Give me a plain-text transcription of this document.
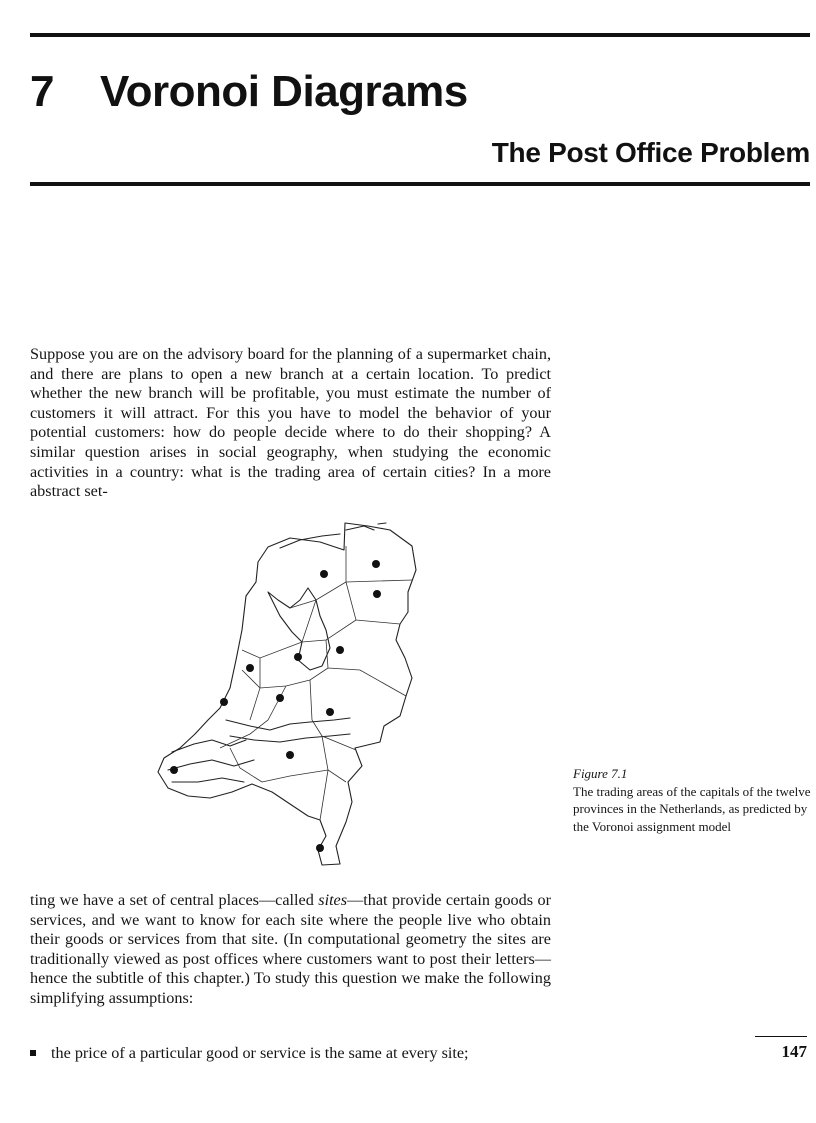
7 Voronoi Diagrams
The Post Office Problem

Suppose you are on the advisory board for the planning of a supermarket chain, and there are plans to open a new branch at a certain location. To predict whether the new branch will be profitable, you must estimate the number of customers it will attract. For this you have to model the behavior of your potential customers: how do people decide where to do their shopping? A similar question arises in social geography, when studying the economic activities in a country: what is the trading area of certain cities? In a more abstract set-

Figure 7.1
The trading areas of the capitals of the twelve provinces in the Netherlands, as predicted by the Voronoi assignment model

ting we have a set of central places—called sites—that provide certain goods or services, and we want to know for each site where the people live who obtain their goods or services from that site. (In computational geometry the sites are traditionally viewed as post offices where customers want to post their letters—hence the subtitle of this chapter.) To study this question we make the following simplifying assumptions:

the price of a particular good or service is the same at every site;	147
